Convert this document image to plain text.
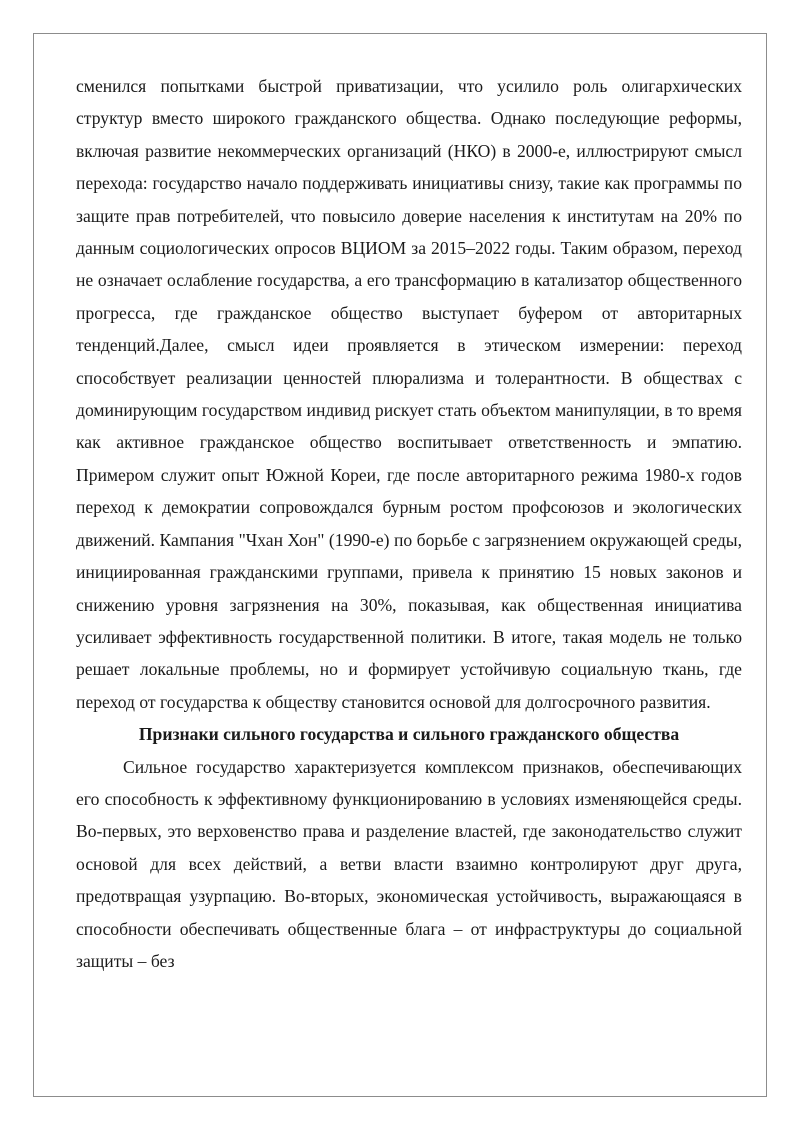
сменился попытками быстрой приватизации, что усилило роль олигархических структур вместо широкого гражданского общества. Однако последующие реформы, включая развитие некоммерческих организаций (НКО) в 2000-е, иллюстрируют смысл перехода: государство начало поддерживать инициативы снизу, такие как программы по защите прав потребителей, что повысило доверие населения к институтам на 20% по данным социологических опросов ВЦИОМ за 2015–2022 годы. Таким образом, переход не означает ослабление государства, а его трансформацию в катализатор общественного прогресса, где гражданское общество выступает буфером от авторитарных тенденций.Далее, смысл идеи проявляется в этическом измерении: переход способствует реализации ценностей плюрализма и толерантности. В обществах с доминирующим государством индивид рискует стать объектом манипуляции, в то время как активное гражданское общество воспитывает ответственность и эмпатию. Примером служит опыт Южной Кореи, где после авторитарного режима 1980-х годов переход к демократии сопровождался бурным ростом профсоюзов и экологических движений. Кампания "Чхан Хон" (1990-е) по борьбе с загрязнением окружающей среды, инициированная гражданскими группами, привела к принятию 15 новых законов и снижению уровня загрязнения на 30%, показывая, как общественная инициатива усиливает эффективность государственной политики. В итоге, такая модель не только решает локальные проблемы, но и формирует устойчивую социальную ткань, где переход от государства к обществу становится основой для долгосрочного развития.

Признаки сильного государства и сильного гражданского общества

Сильное государство характеризуется комплексом признаков, обеспечивающих его способность к эффективному функционированию в условиях изменяющейся среды. Во-первых, это верховенство права и разделение властей, где законодательство служит основой для всех действий, а ветви власти взаимно контролируют друг друга, предотвращая узурпацию. Во-вторых, экономическая устойчивость, выражающаяся в способности обеспечивать общественные блага – от инфраструктуры до социальной защиты – без
